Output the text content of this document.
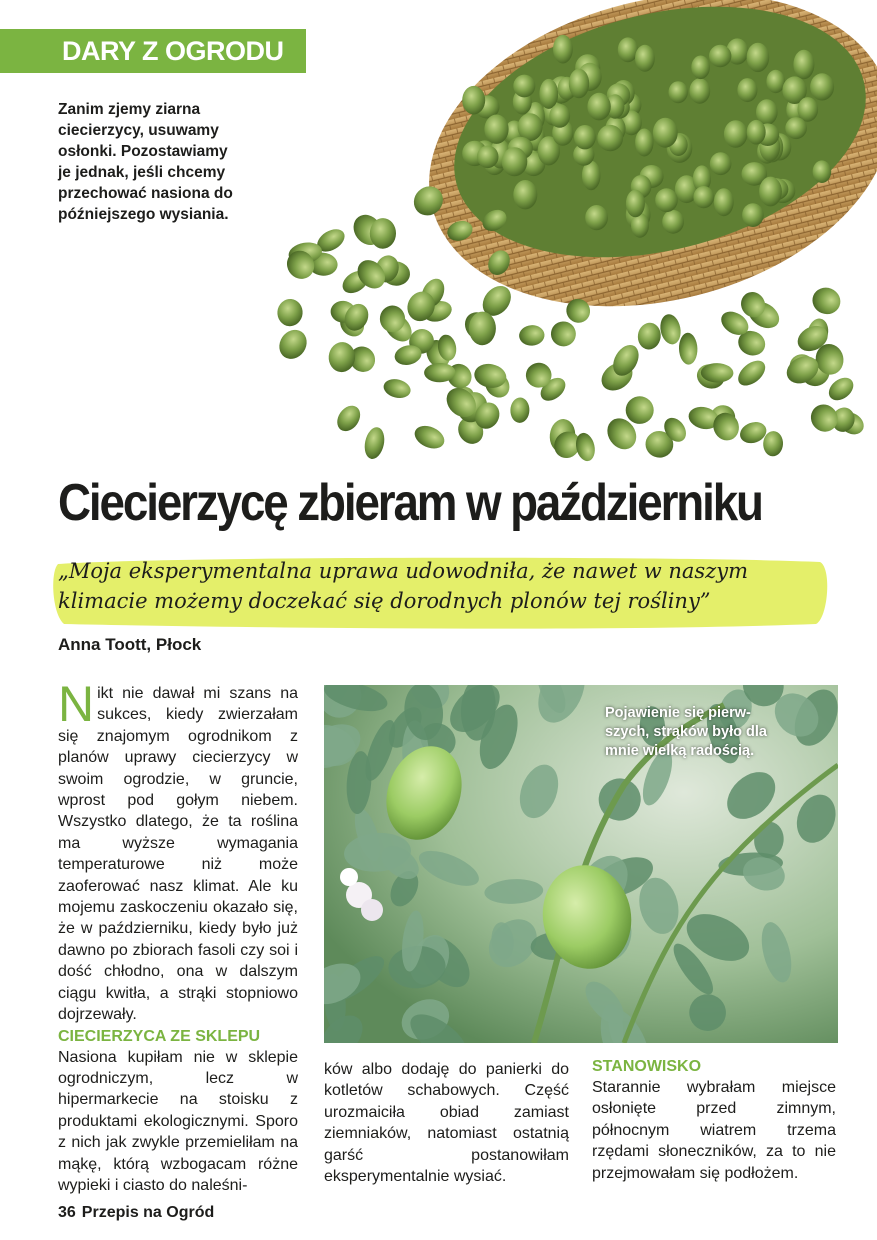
DARY Z OGRODU
Zanim zjemy ziarna
ciecierzycy, usuwamy
osłonki. Pozostawiamy
je jednak, jeśli chcemy
przechować nasiona do
późniejszego wysiania.
Ciecierzycę zbieram w październiku
„Moja eksperymentalna uprawa udowodniła, że nawet w naszym
klimacie możemy doczekać się dorodnych plonów tej rośliny”
Anna Toott, Płock

Nikt nie dawał mi szans na sukces, kiedy zwierzałam się znajomym ogrodnikom z planów uprawy ciecierzycy w swoim ogrodzie, w gruncie, wprost pod gołym niebem. Wszystko dlatego, że ta roślina ma wyższe wymagania temperaturowe niż może zaoferować nasz klimat. Ale ku mojemu zaskoczeniu okazało się, że w październiku, kiedy było już dawno po zbiorach fasoli czy soi i dość chłodno, ona w dalszym ciągu kwitła, a strąki stopniowo dojrzewały.

CIECIERZYCA ZE SKLEPU

Nasiona kupiłam nie w sklepie ogrodniczym, lecz w hipermarkecie na stoisku z produktami ekologicznymi. Sporo z nich jak zwykle przemieliłam na mąkę, którą wzbogacam różne wypieki i ciasto do naleśni-

Pojawienie się pierw-
szych, strąków było dla
mnie wielką radością.

ków albo dodaję do panierki do kotletów schabowych. Część urozmaiciła obiad zamiast ziemniaków, natomiast ostatnią garść postanowiłam eksperymentalnie wysiać.

STANOWISKO

Starannie wybrałam miejsce osłonięte przed zimnym, północnym wiatrem trzema rzędami słoneczników, za to nie przejmowałam się podłożem.

36 Przepis na Ogród
